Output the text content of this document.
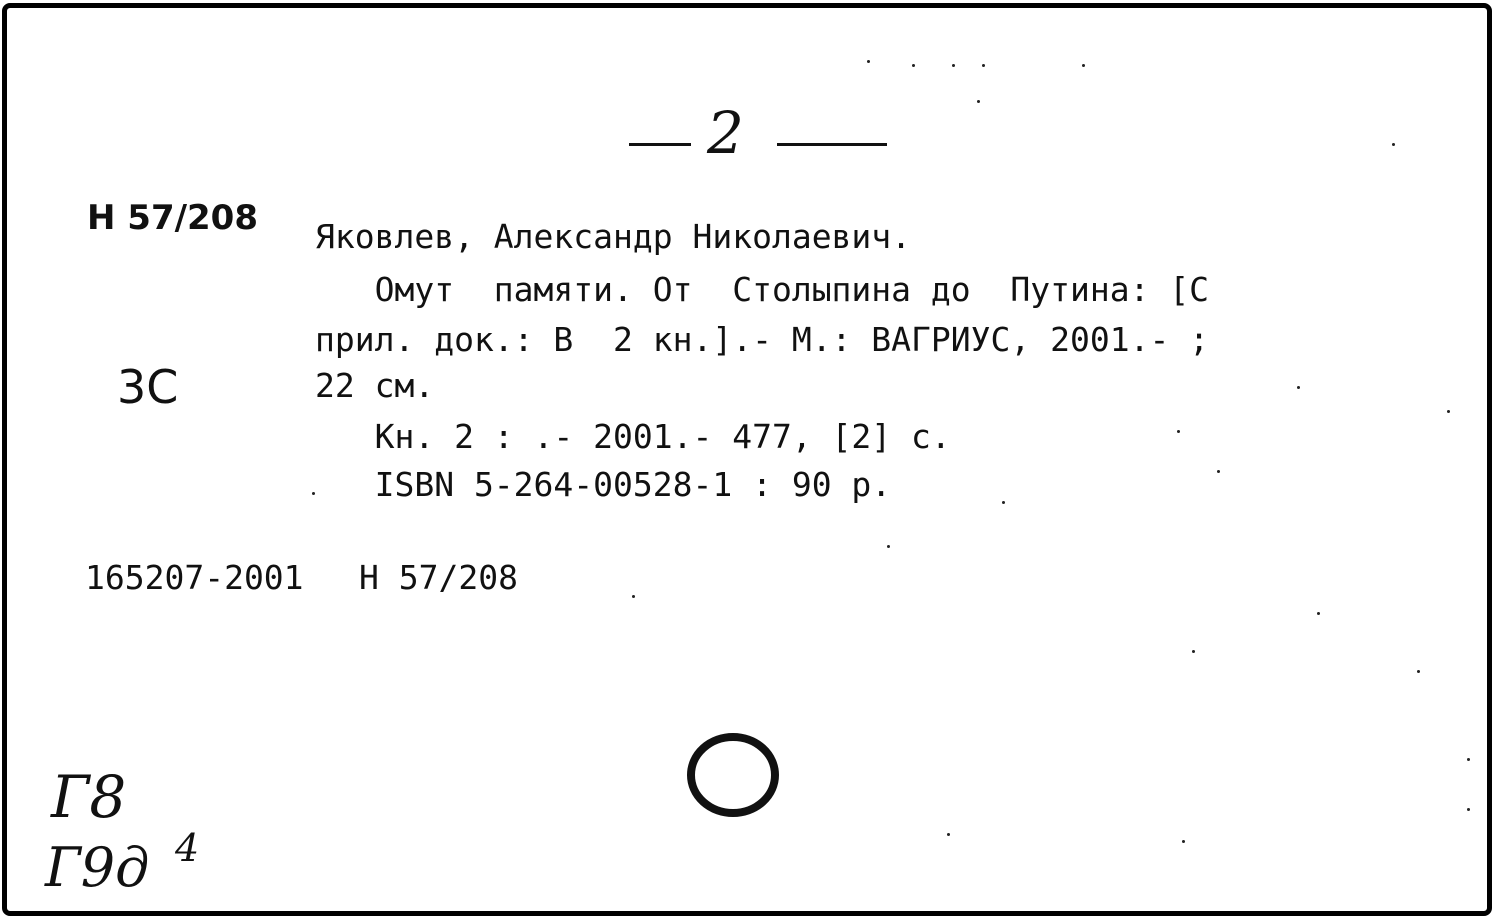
2
Н 57/208
3С
Яковлев, Александр Николаевич.
Омут  памяти. От  Столыпина до  Путина: [С
прил. док.: В  2 кн.].- М.: ВАГРИУС, 2001.- ;
22 см.
Кн. 2 : .- 2001.- 477, [2] с.
ISBN 5-264-00528-1 : 90 р.
165207-2001 Н 57/208
Г8
Г9д 4
